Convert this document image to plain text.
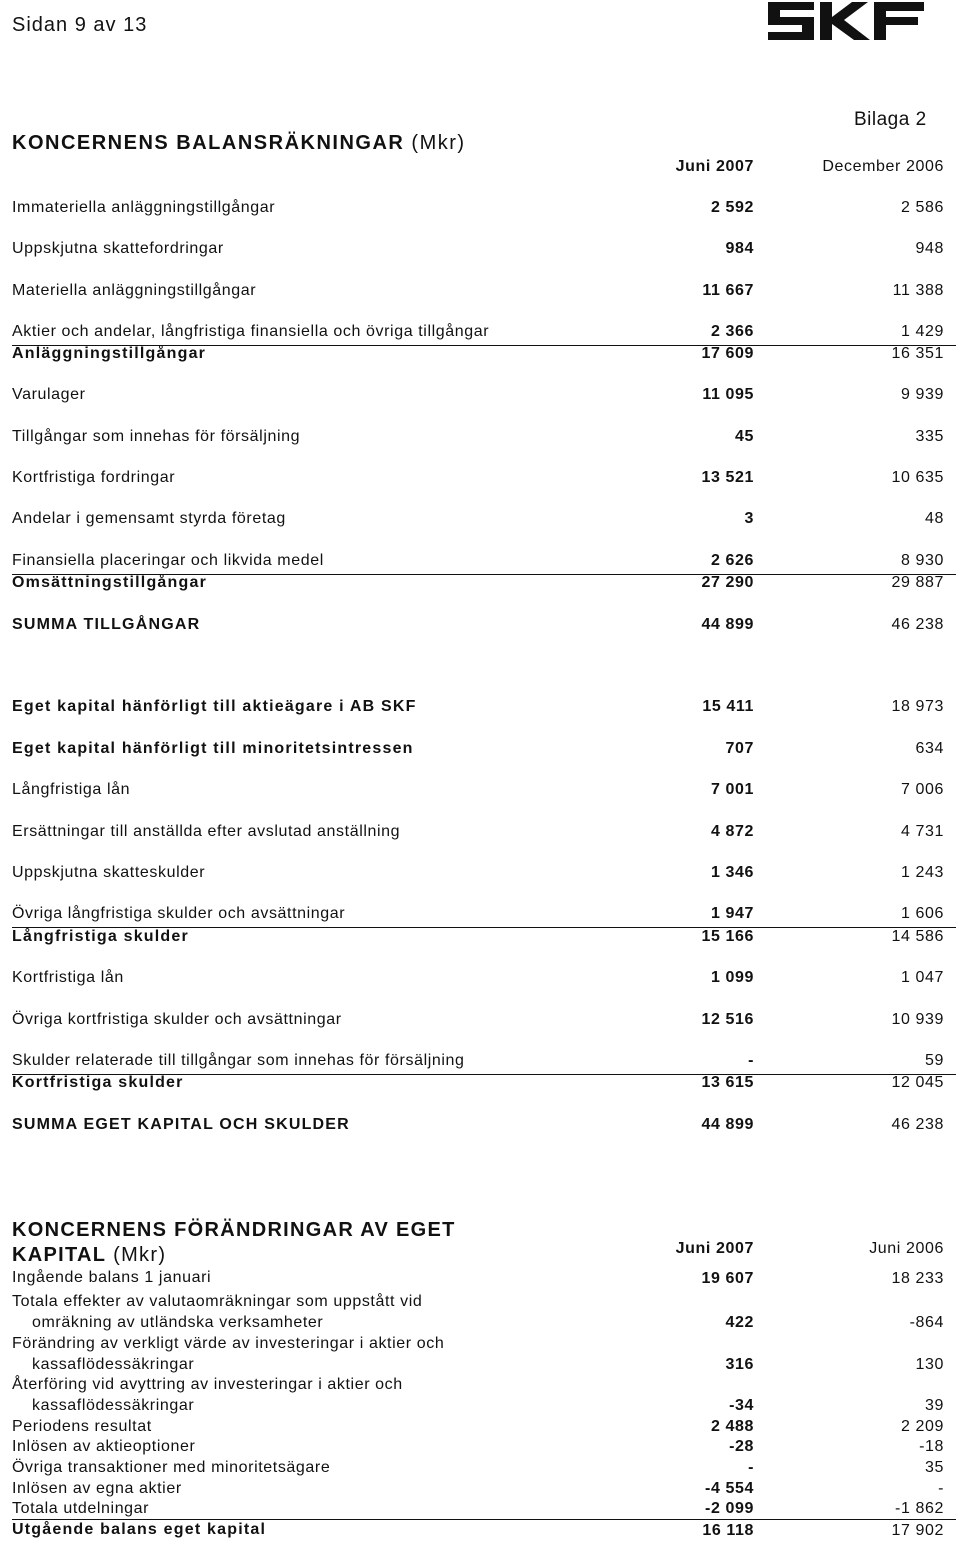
Sidan 9 av 13
Bilaga 2
KONCERNENS BALANSRÄKNINGAR (Mkr)
Juni 2007	December 2006
Immateriella anläggningstillgångar	2 592	2 586
Uppskjutna skattefordringar	984	948
Materiella anläggningstillgångar	11 667	11 388
Aktier och andelar, långfristiga finansiella och övriga tillgångar	2 366	1 429
Anläggningstillgångar	17 609	16 351
Varulager	11 095	9 939
Tillgångar som innehas för försäljning	45	335
Kortfristiga fordringar	13 521	10 635
Andelar i gemensamt styrda företag	3	48
Finansiella placeringar och likvida medel	2 626	8 930
Omsättningstillgångar	27 290	29 887
SUMMA TILLGÅNGAR	44 899	46 238
Eget kapital hänförligt till aktieägare i AB SKF	15 411	18 973
Eget kapital hänförligt till minoritetsintressen	707	634
Långfristiga lån	7 001	7 006
Ersättningar till anställda efter avslutad anställning	4 872	4 731
Uppskjutna skatteskulder	1 346	1 243
Övriga långfristiga skulder och avsättningar	1 947	1 606
Långfristiga skulder	15 166	14 586
Kortfristiga lån	1 099	1 047
Övriga kortfristiga skulder och avsättningar	12 516	10 939
Skulder relaterade till tillgångar som innehas för försäljning	-	59
Kortfristiga skulder	13 615	12 045
SUMMA EGET KAPITAL OCH SKULDER	44 899	46 238
KONCERNENS FÖRÄNDRINGAR AV EGET
KAPITAL (Mkr)	Juni 2007	Juni 2006
Ingående balans 1 januari	19 607	18 233
Totala effekter av valutaomräkningar som uppstått vid
omräkning av utländska verksamheter	422	-864
Förändring av verkligt värde av investeringar i aktier och
kassaflödessäkringar	316	130
Återföring vid avyttring av investeringar i aktier och
kassaflödessäkringar	-34	39
Periodens resultat	2 488	2 209
Inlösen av aktieoptioner	-28	-18
Övriga transaktioner med minoritetsägare	-	35
Inlösen av egna aktier	-4 554	-
Totala utdelningar	-2 099	-1 862
Utgående balans eget kapital	16 118	17 902
